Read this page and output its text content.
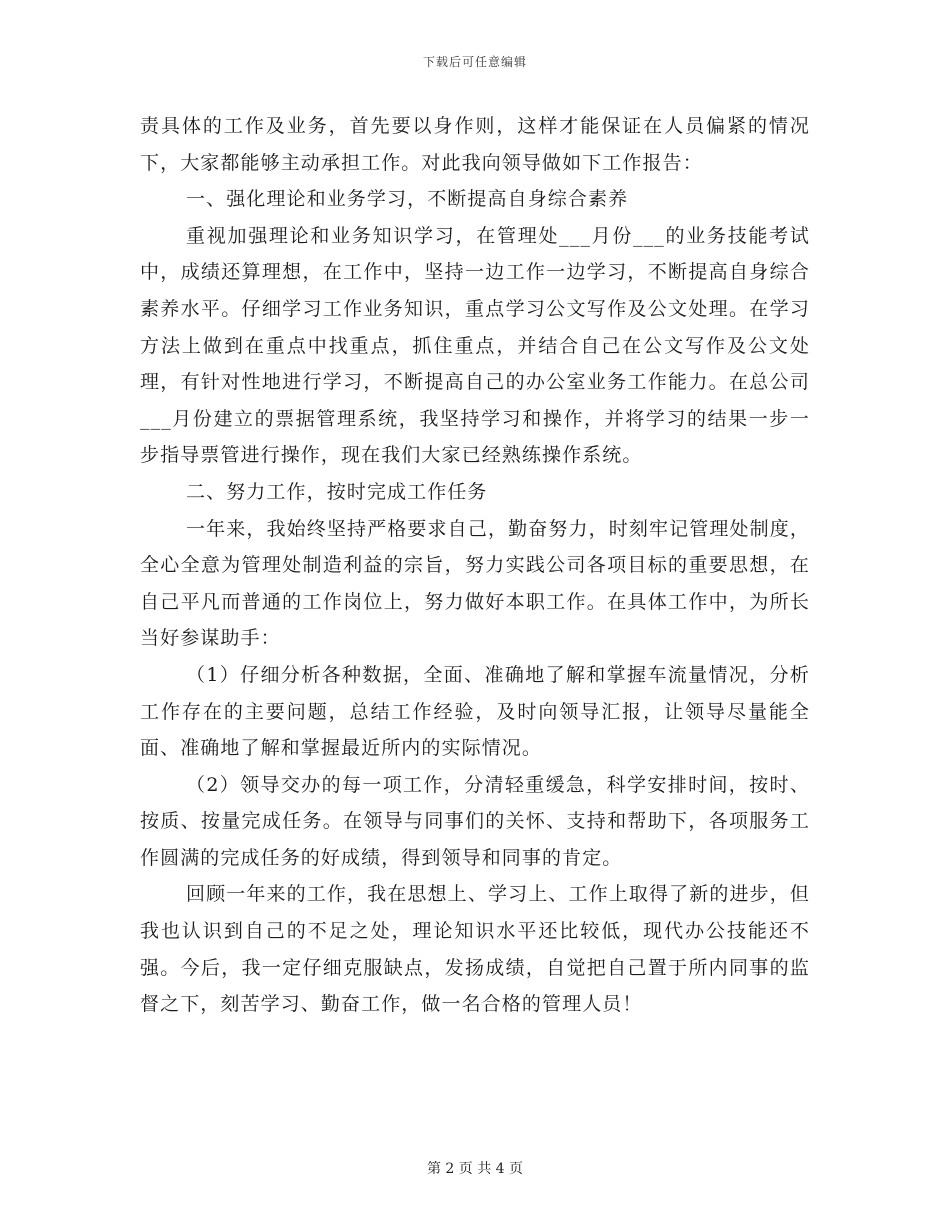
下载后可任意编辑

责具体的工作及业务，首先要以身作则，这样才能保证在人员偏紧的情况下，大家都能够主动承担工作。对此我向领导做如下工作报告：

一、强化理论和业务学习，不断提高自身综合素养

重视加强理论和业务知识学习，在管理处___月份___的业务技能考试中，成绩还算理想，在工作中，坚持一边工作一边学习，不断提高自身综合素养水平。仔细学习工作业务知识，重点学习公文写作及公文处理。在学习方法上做到在重点中找重点，抓住重点，并结合自己在公文写作及公文处理，有针对性地进行学习，不断提高自己的办公室业务工作能力。在总公司___月份建立的票据管理系统，我坚持学习和操作，并将学习的结果一步一步指导票管进行操作，现在我们大家已经熟练操作系统。

二、努力工作，按时完成工作任务

一年来，我始终坚持严格要求自己，勤奋努力，时刻牢记管理处制度，全心全意为管理处制造利益的宗旨，努力实践公司各项目标的重要思想，在自己平凡而普通的工作岗位上，努力做好本职工作。在具体工作中，为所长当好参谋助手：

（1）仔细分析各种数据，全面、准确地了解和掌握车流量情况，分析工作存在的主要问题，总结工作经验，及时向领导汇报，让领导尽量能全面、准确地了解和掌握最近所内的实际情况。

（2）领导交办的每一项工作，分清轻重缓急，科学安排时间，按时、按质、按量完成任务。在领导与同事们的关怀、支持和帮助下，各项服务工作圆满的完成任务的好成绩，得到领导和同事的肯定。

回顾一年来的工作，我在思想上、学习上、工作上取得了新的进步，但我也认识到自己的不足之处，理论知识水平还比较低，现代办公技能还不强。今后，我一定仔细克服缺点，发扬成绩，自觉把自己置于所内同事的监督之下，刻苦学习、勤奋工作，做一名合格的管理人员！

第 2 页 共 4 页
